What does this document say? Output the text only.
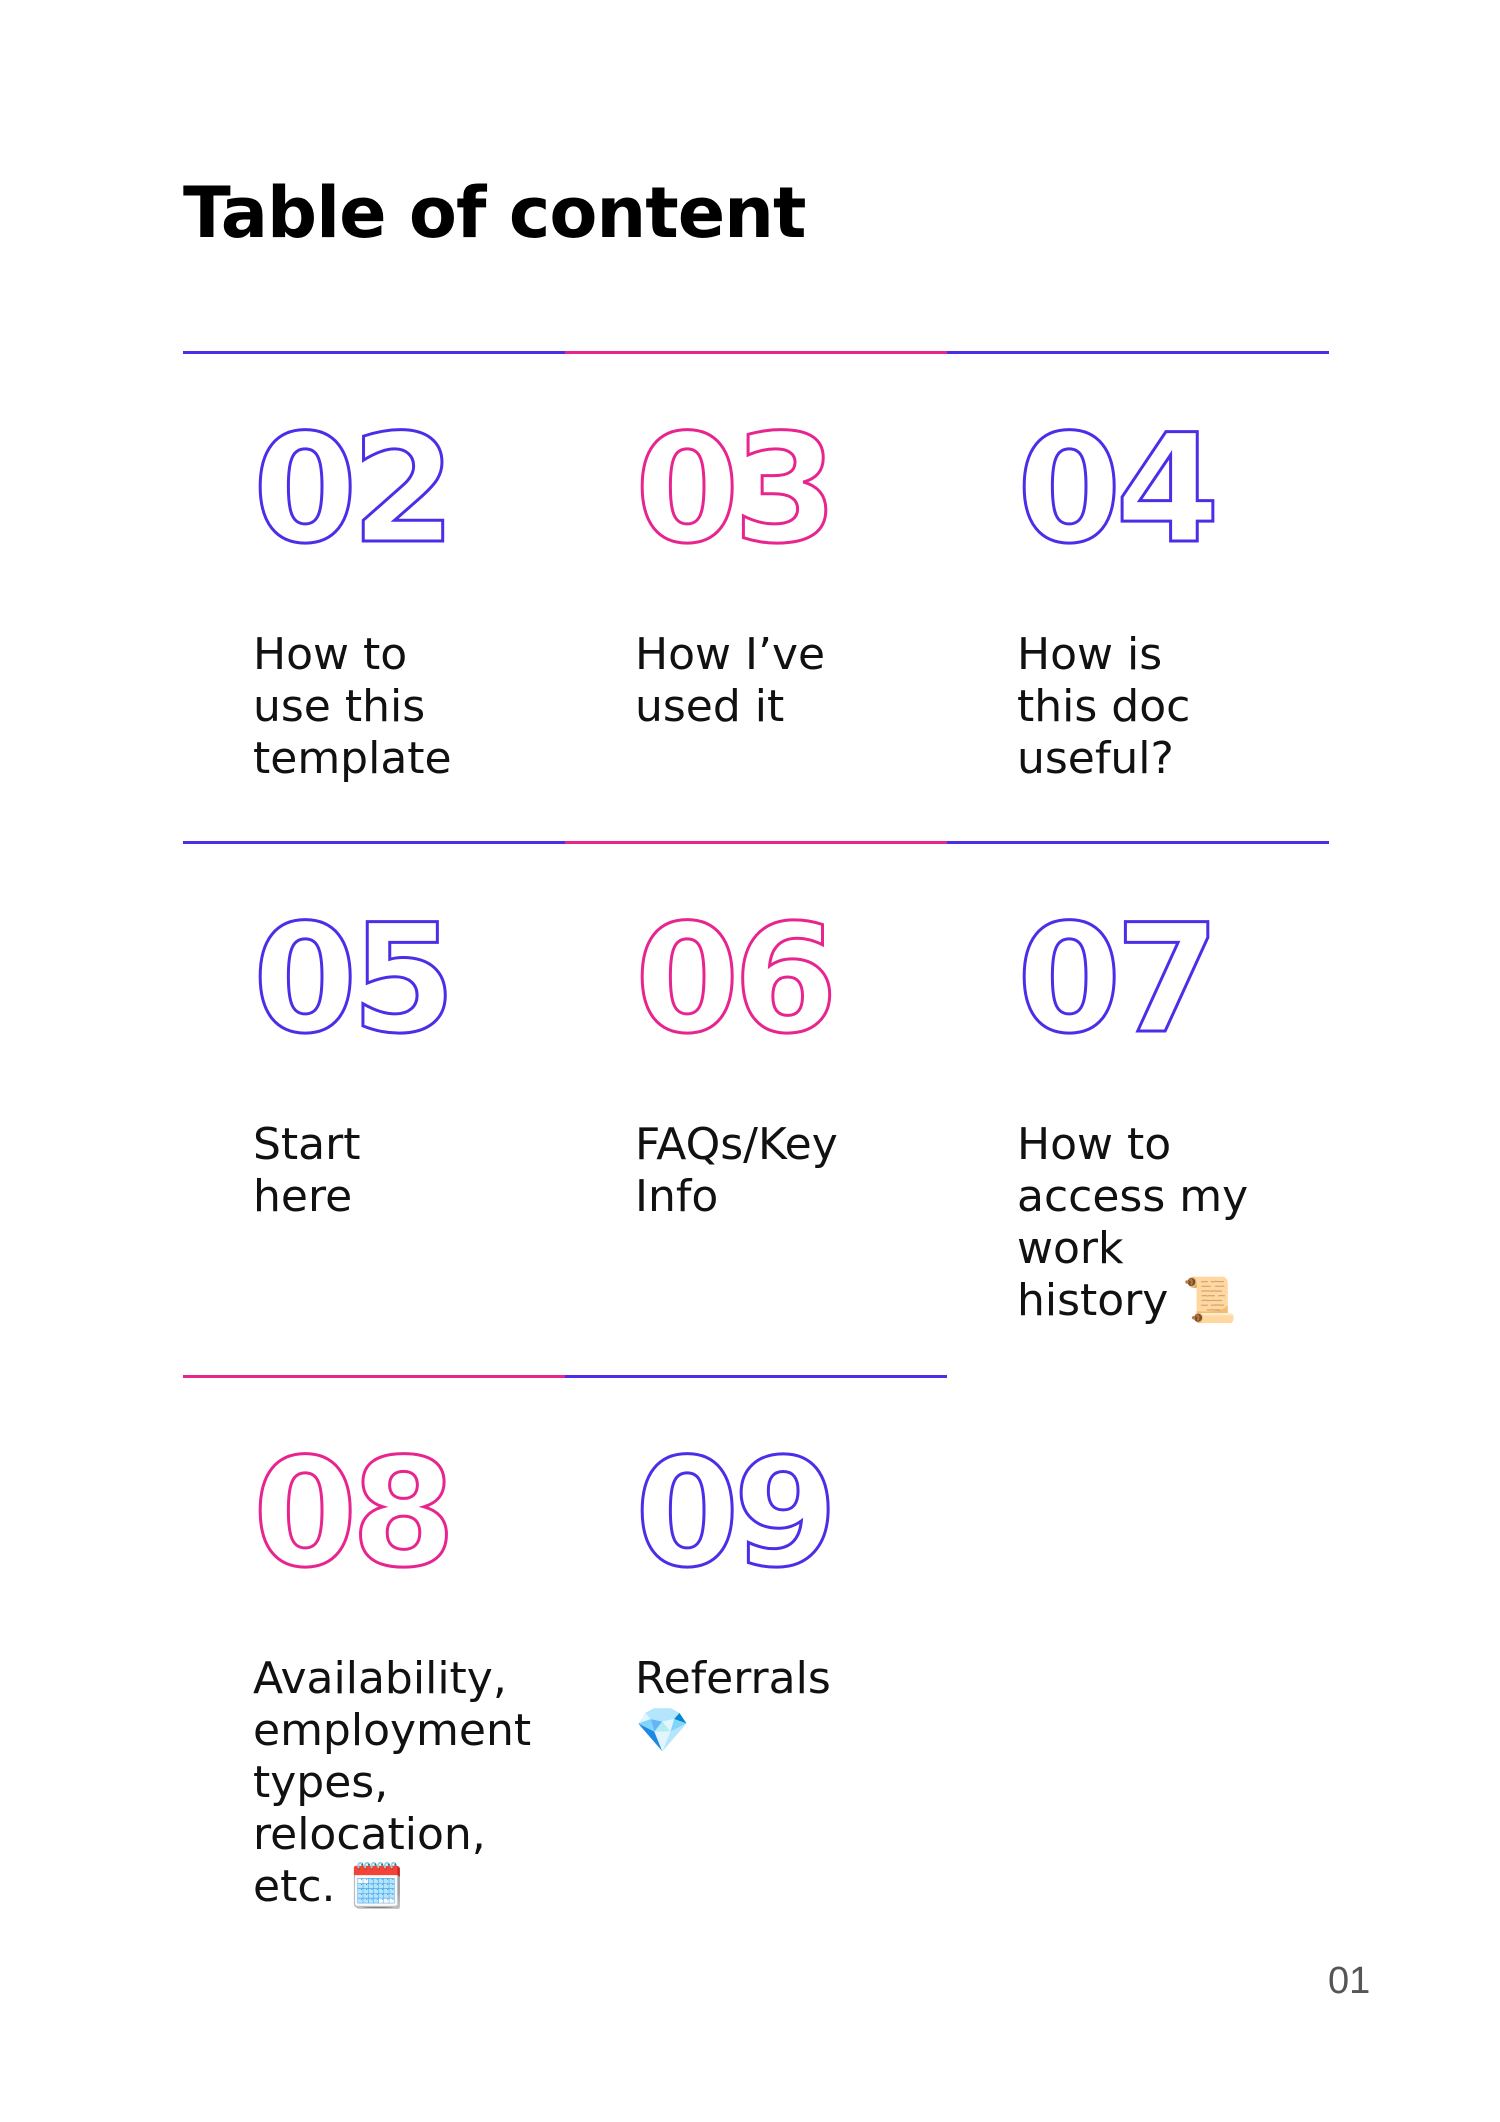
Table of content
02
How to
use this
template
03
How I’ve
used it
04
How is
this doc
useful?
05
Start
here
06
FAQs/Key
Info
07
How to
access my
work
history 📜
08
Availability,
employment
types,
relocation,
etc. 🗓️
09
Referrals
💎
01
